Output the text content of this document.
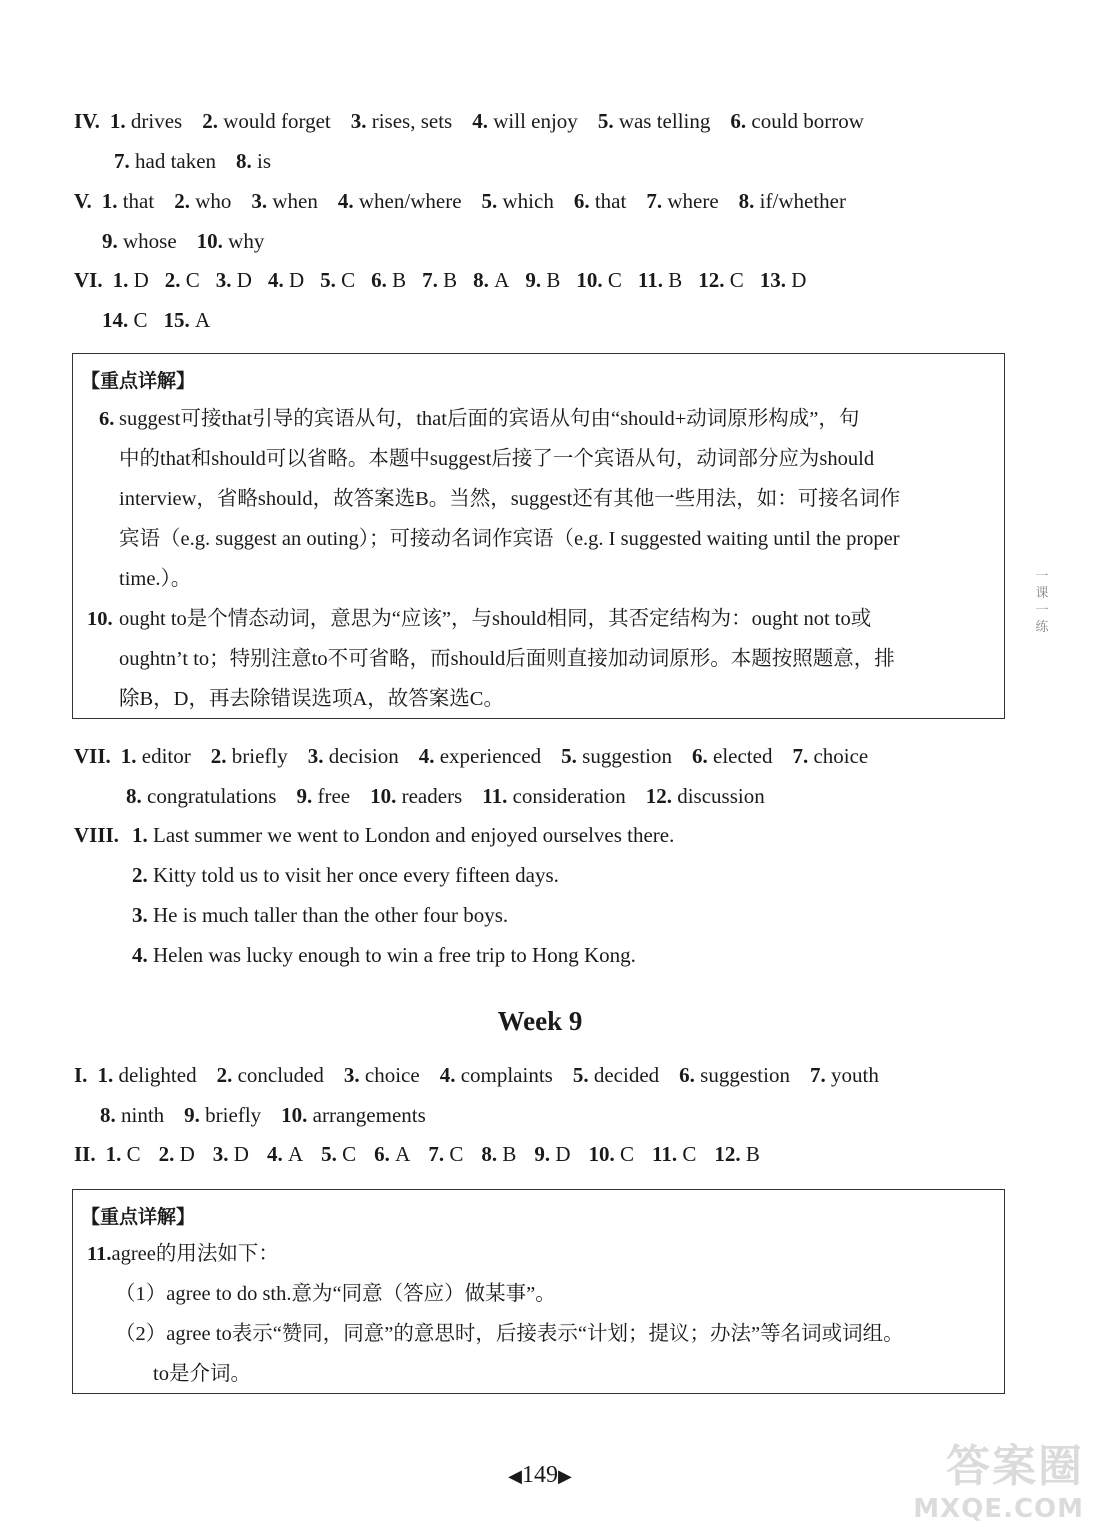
IV. 1. drives 2. would forget 3. rises, sets 4. will enjoy 5. was telling 6. could borrow
7. had taken 8. is
V. 1. that 2. who 3. when 4. when/where 5. which 6. that 7. where 8. if/whether
9. whose 10. why
VI. 1. D 2. C 3. D 4. D 5. C 6. B 7. B 8. A 9. B 10. C 11. B 12. C 13. D
14. C 15. A
【重点详解】
6. suggest可接that引导的宾语从句，that后面的宾语从句由“should+动词原形构成”，句
中的that和should可以省略。本题中suggest后接了一个宾语从句，动词部分应为should
interview，省略should，故答案选B。当然，suggest还有其他一些用法，如：可接名词作
宾语（e.g. suggest an outing）；可接动名词作宾语（e.g. I suggested waiting until the proper
time.）。
10. ought to是个情态动词，意思为“应该”，与should相同，其否定结构为：ought not to或
oughtn’t to；特别注意to不可省略，而should后面则直接加动词原形。本题按照题意，排
除B，D，再去除错误选项A，故答案选C。
VII. 1. editor 2. briefly 3. decision 4. experienced 5. suggestion 6. elected 7. choice
8. congratulations 9. free 10. readers 11. consideration 12. discussion
VIII. 1. Last summer we went to London and enjoyed ourselves there.
2. Kitty told us to visit her once every fifteen days.
3. He is much taller than the other four boys.
4. Helen was lucky enough to win a free trip to Hong Kong.
Week 9
I. 1. delighted 2. concluded 3. choice 4. complaints 5. decided 6. suggestion 7. youth
8. ninth 9. briefly 10. arrangements
II. 1. C 2. D 3. D 4. A 5. C 6. A 7. C 8. B 9. D 10. C 11. C 12. B
【重点详解】
11.agree的用法如下：
（1）agree to do sth.意为“同意（答应）做某事”。
（2）agree to表示“赞同，同意”的意思时，后接表示“计划；提议；办法”等名词或词组。
to是介词。
一
课
一
练
◀149▶	答案圈
MXQE.COM
